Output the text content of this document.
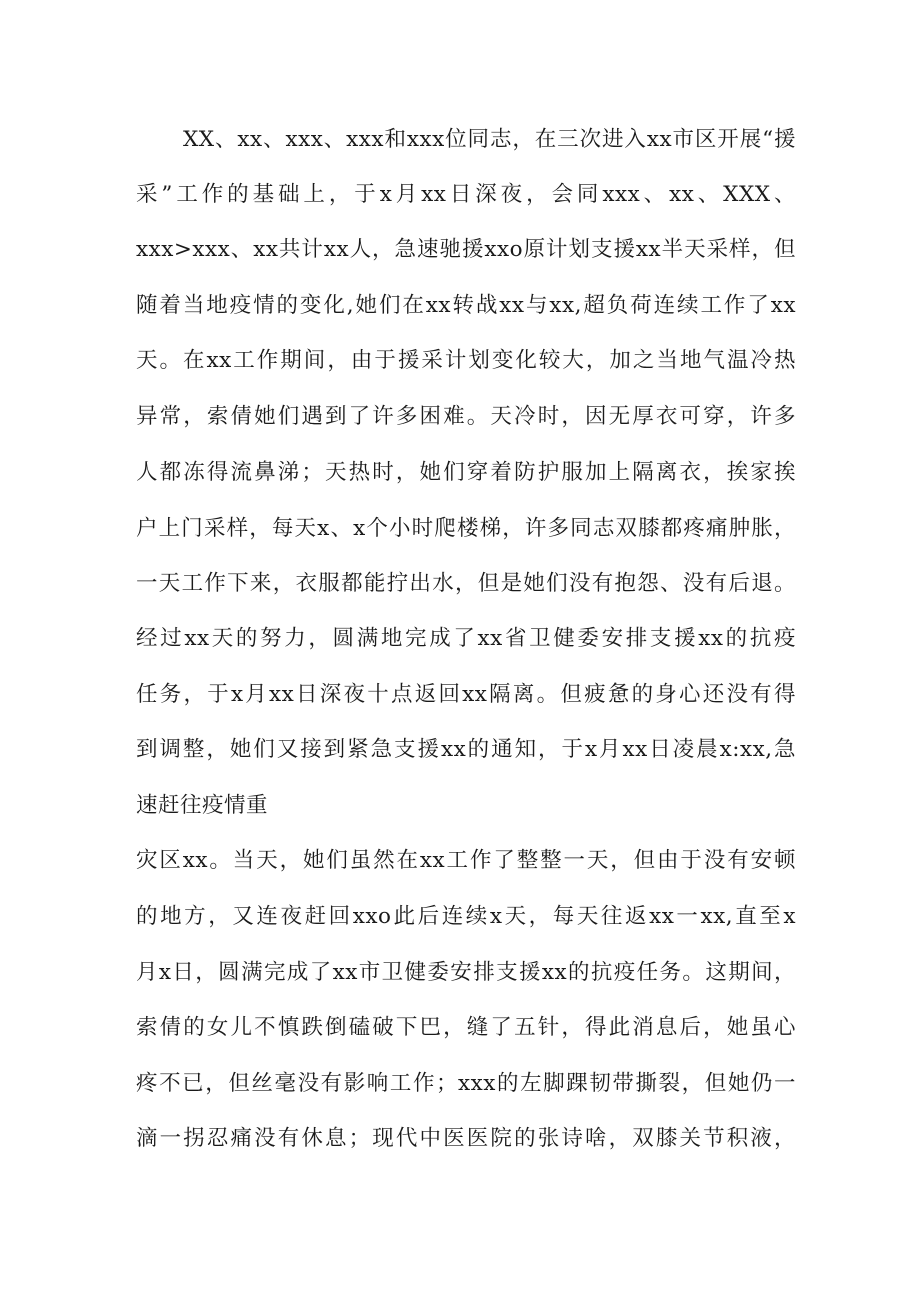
XX、xx、xxx、xxx和xxx位同志，在三次进入xx市区开展“援
采”工作的基础上，于x月xx日深夜，会同xxx、xx、XXX、
xxx>xxx、xx共计xx人，急速驰援xxo原计划支援xx半天采样，但
随着当地疫情的变化,她们在xx转战xx与xx,超负荷连续工作了xx
天。在xx工作期间，由于援采计划变化较大，加之当地气温冷热
异常，索倩她们遇到了许多困难。天冷时，因无厚衣可穿，许多
人都冻得流鼻涕；天热时，她们穿着防护服加上隔离衣，挨家挨
户上门采样，每天x、x个小时爬楼梯，许多同志双膝都疼痛肿胀，
一天工作下来，衣服都能拧出水，但是她们没有抱怨、没有后退。
经过xx天的努力，圆满地完成了xx省卫健委安排支援xx的抗疫
任务，于x月xx日深夜十点返回xx隔离。但疲惫的身心还没有得
到调整，她们又接到紧急支援xx的通知，于x月xx日凌晨x:xx,急
速赶往疫情重
灾区xx。当天，她们虽然在xx工作了整整一天，但由于没有安顿
的地方，又连夜赶回xxo此后连续x天，每天往返xx一xx,直至x
月x日，圆满完成了xx市卫健委安排支援xx的抗疫任务。这期间，
索倩的女儿不慎跌倒磕破下巴，缝了五针，得此消息后，她虽心
疼不已，但丝毫没有影响工作；xxx的左脚踝韧带撕裂，但她仍一
滴一拐忍痛没有休息；现代中医医院的张诗啥，双膝关节积液，
